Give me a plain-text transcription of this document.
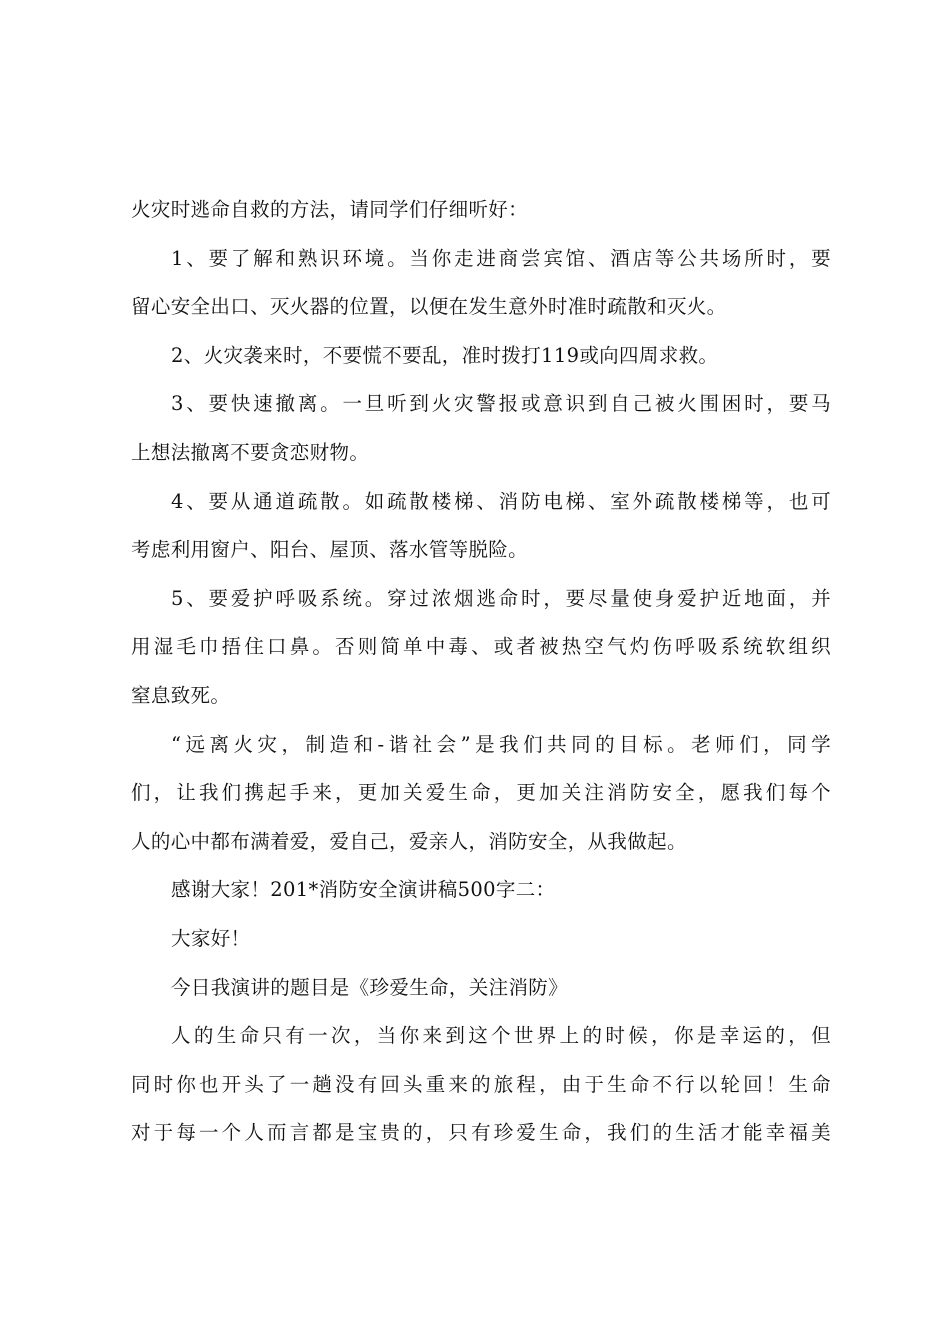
火灾时逃命自救的方法，请同学们仔细听好：
1、要了解和熟识环境。当你走进商尝宾馆、酒店等公共场所时，要
留心安全出口、灭火器的位置，以便在发生意外时准时疏散和灭火。
2、火灾袭来时，不要慌不要乱，准时拨打119或向四周求救。
3、要快速撤离。一旦听到火灾警报或意识到自己被火围困时，要马
上想法撤离不要贪恋财物。
4、要从通道疏散。如疏散楼梯、消防电梯、室外疏散楼梯等，也可
考虑利用窗户、阳台、屋顶、落水管等脱险。
5、要爱护呼吸系统。穿过浓烟逃命时，要尽量使身爱护近地面，并
用湿毛巾捂住口鼻。否则简单中毒、或者被热空气灼伤呼吸系统软组织
窒息致死。
“远离火灾，制造和-谐社会”是我们共同的目标。老师们，同学
们，让我们携起手来，更加关爱生命，更加关注消防安全，愿我们每个
人的心中都布满着爱，爱自己，爱亲人，消防安全，从我做起。
感谢大家！201*消防安全演讲稿500字二：
大家好！
今日我演讲的题目是《珍爱生命，关注消防》
人的生命只有一次，当你来到这个世界上的时候，你是幸运的，但
同时你也开头了一趟没有回头重来的旅程，由于生命不行以轮回！生命
对于每一个人而言都是宝贵的，只有珍爱生命，我们的生活才能幸福美
